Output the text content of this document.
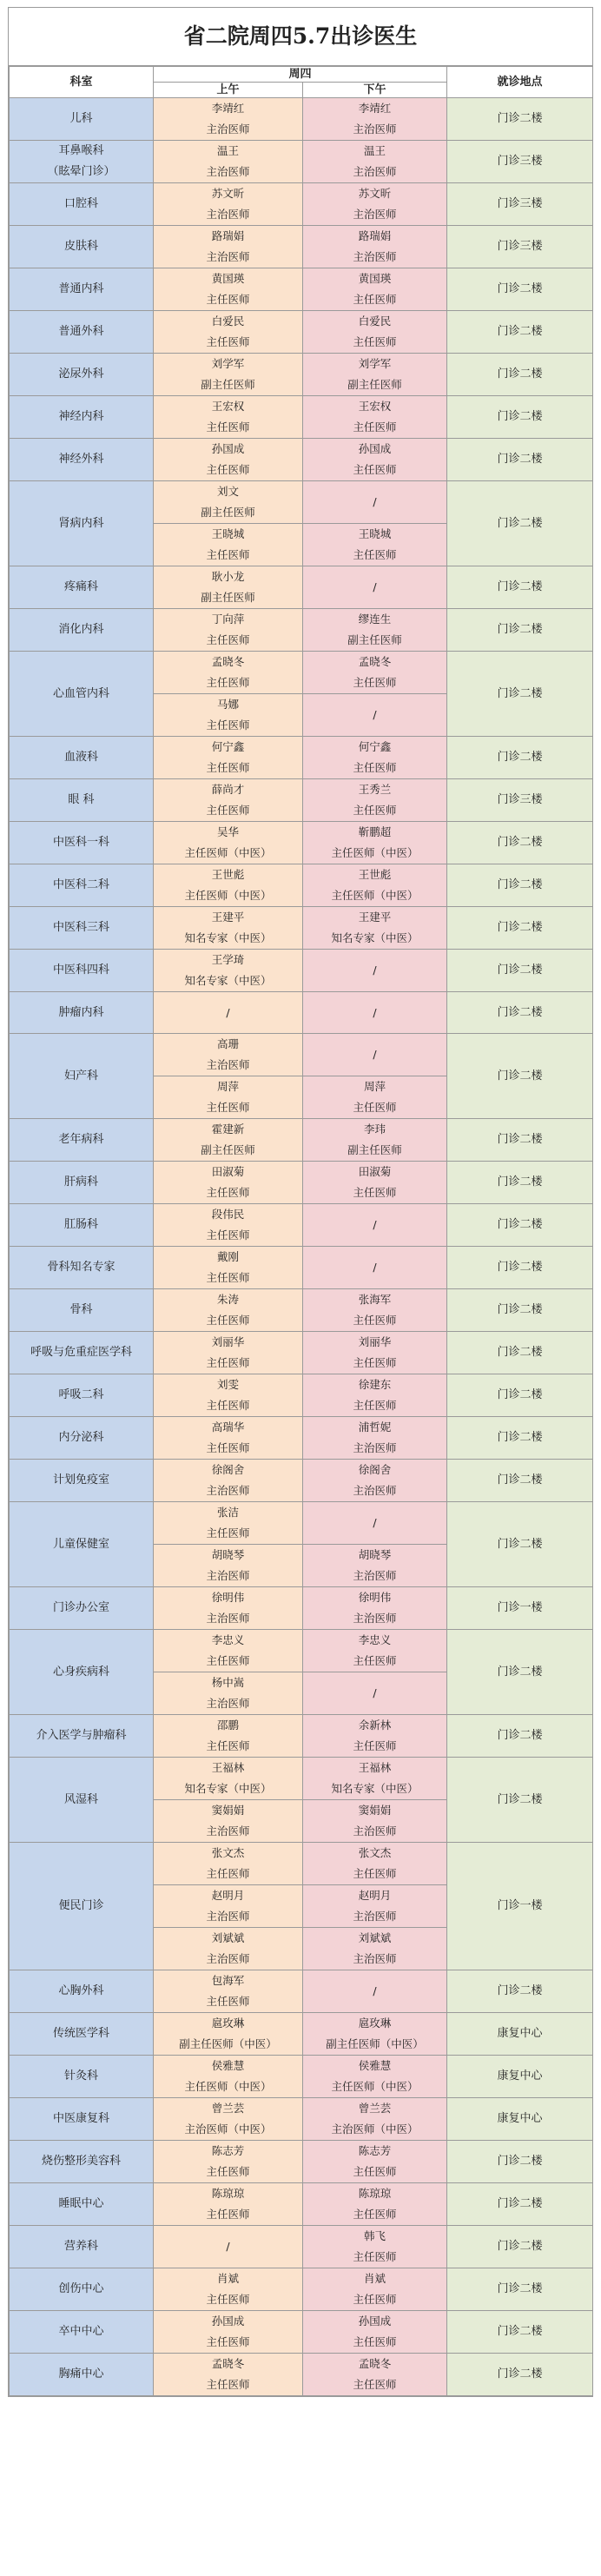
省二院周四5.7出诊医生
科室	周四		就诊地点
	上午	下午	

儿科	李靖红
主治医师	李靖红
主治医师	门诊二楼

耳鼻喉科
（眩晕门诊）	温王
主治医师	温王
主治医师	门诊三楼

口腔科	苏文昕
主治医师	苏文昕
主治医师	门诊三楼

皮肤科	路瑞娟
主治医师	路瑞娟
主治医师	门诊三楼

普通内科	黄国瑛
主任医师	黄国瑛
主任医师	门诊二楼

普通外科	白爱民
主任医师	白爱民
主任医师	门诊二楼

泌尿外科	刘学军
副主任医师	刘学军
副主任医师	门诊二楼

神经内科	王宏权
主任医师	王宏权
主任医师	门诊二楼

神经外科	孙国成
主任医师	孙国成
主任医师	门诊二楼

肾病内科	刘文
副主任医师	/	门诊二楼

	王晓城
主任医师	王晓城
主任医师	

疼痛科	耿小龙
副主任医师	/	门诊二楼

消化内科	丁向萍
主任医师	缪连生
副主任医师	门诊二楼

心血管内科	孟晓冬
主任医师	孟晓冬
主任医师	门诊二楼

	马娜
主任医师	/	

血液科	何宁鑫
主任医师	何宁鑫
主任医师	门诊二楼

眼 科	薛尚才
主任医师	王秀兰
主任医师	门诊三楼

中医科一科	吴华
主任医师（中医）	靳鹏超
主任医师（中医）	门诊二楼

中医科二科	王世彪
主任医师（中医）	王世彪
主任医师（中医）	门诊二楼

中医科三科	王建平
知名专家（中医）	王建平
知名专家（中医）	门诊二楼

中医科四科	王学琦
知名专家（中医）	/	门诊二楼

肿瘤内科	/	/	门诊二楼

妇产科	高珊
主治医师	/	门诊二楼

	周萍
主任医师	周萍
主任医师	

老年病科	霍建新
副主任医师	李玮
副主任医师	门诊二楼

肝病科	田淑菊
主任医师	田淑菊
主任医师	门诊二楼

肛肠科	段伟民
主任医师	/	门诊二楼

骨科知名专家	戴刚
主任医师	/	门诊二楼

骨科	朱涛
主任医师	张海军
主任医师	门诊二楼

呼吸与危重症医学科	刘丽华
主任医师	刘丽华
主任医师	门诊二楼

呼吸二科	刘雯
主任医师	徐建东
主任医师	门诊二楼

内分泌科	高瑞华
主任医师	浦哲妮
主治医师	门诊二楼

计划免疫室	徐阁舍
主治医师	徐阁舍
主治医师	门诊二楼

儿童保健室	张洁
主任医师	/	门诊二楼

	胡晓琴
主治医师	胡晓琴
主治医师	

门诊办公室	徐明伟
主治医师	徐明伟
主治医师	门诊一楼

心身疾病科	李忠义
主任医师	李忠义
主任医师	门诊二楼

	杨中嵩
主治医师	/	

介入医学与肿瘤科	邵鹏
主任医师	余新林
主任医师	门诊二楼

风湿科	王福林
知名专家（中医）	王福林
知名专家（中医）	门诊二楼

	窦娟娟
主治医师	窦娟娟
主治医师	

便民门诊	张文杰
主任医师	张文杰
主任医师	门诊一楼

	赵明月
主治医师	赵明月
主治医师	

	刘斌斌
主治医师	刘斌斌
主治医师	

心胸外科	包海军
主任医师	/	门诊二楼

传统医学科	扈玫琳
副主任医师（中医）	扈玫琳
副主任医师（中医）	康复中心

针灸科	侯雅慧
主任医师（中医）	侯雅慧
主任医师（中医）	康复中心

中医康复科	曾兰芸
主治医师（中医）	曾兰芸
主治医师（中医）	康复中心

烧伤整形美容科	陈志芳
主任医师	陈志芳
主任医师	门诊二楼

睡眠中心	陈琼琼
主任医师	陈琼琼
主任医师	门诊二楼

营养科	/	韩飞
主任医师	门诊二楼

创伤中心	肖斌
主任医师	肖斌
主任医师	门诊二楼

卒中中心	孙国成
主任医师	孙国成
主任医师	门诊二楼

胸痛中心	孟晓冬
主任医师	孟晓冬
主任医师	门诊二楼
